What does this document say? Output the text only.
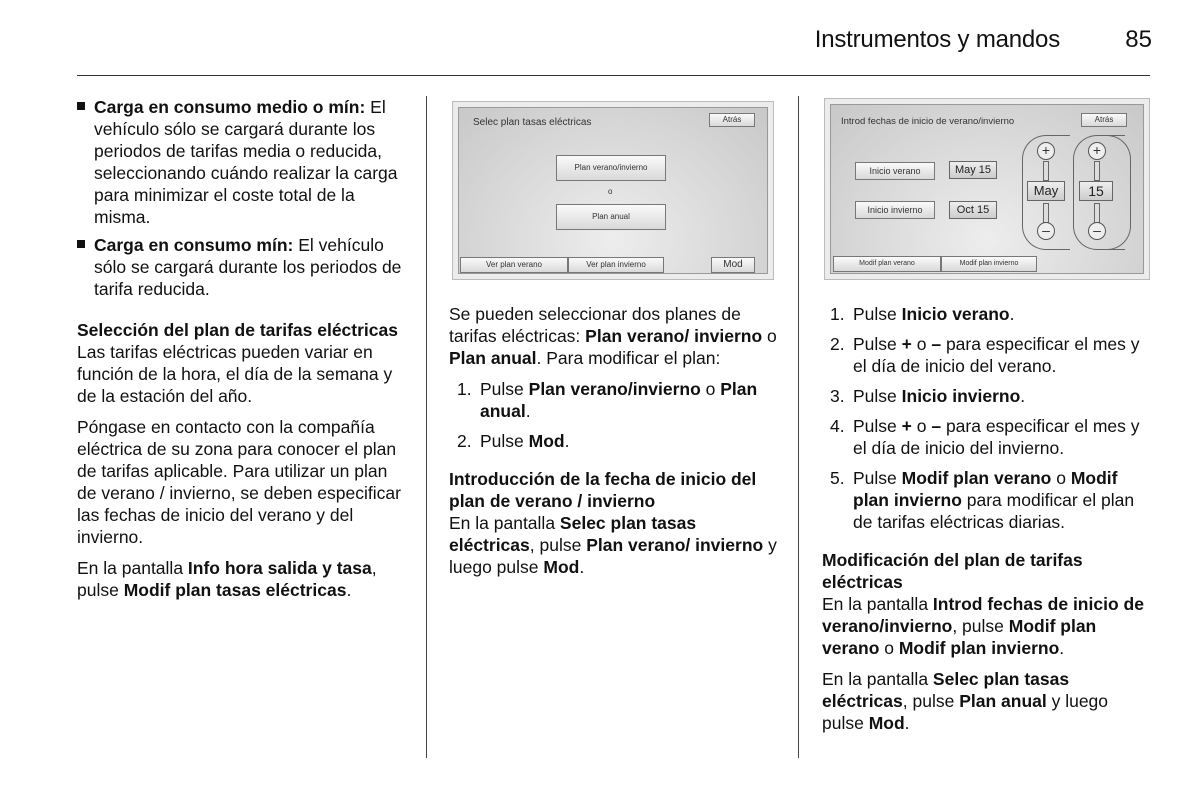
Instrumentos y mandos	85
Carga en consumo medio o mín: El vehículo sólo se cargará durante los periodos de tarifas media o reducida, seleccionando cuándo realizar la carga para minimizar el coste total de la misma.
Carga en consumo mín: El vehículo sólo se cargará durante los periodos de tarifa reducida.
Selección del plan de tarifas eléctricas

Las tarifas eléctricas pueden variar en función de la hora, el día de la semana y de la estación del año.

Póngase en contacto con la compañía eléctrica de su zona para conocer el plan de tarifas aplicable. Para utilizar un plan de verano / invierno, se deben especificar las fechas de inicio del verano y del invierno.

En la pantalla Info hora salida y tasa, pulse Modif plan tasas eléctricas.

Selec plan tasas eléctricas	Atrás
Plan verano/invierno
o
Plan anual
Ver plan verano	Ver plan invierno	Mod

Se pueden seleccionar dos planes de tarifas eléctricas: Plan verano/ invierno o Plan anual. Para modificar el plan:

1. Pulse Plan verano/invierno o Plan anual.
2. Pulse Mod.
Introducción de la fecha de inicio del plan de verano / invierno

En la pantalla Selec plan tasas eléctricas, pulse Plan verano/ invierno y luego pulse Mod.

Introd fechas de inicio de verano/invierno	Atrás
Inicio verano	May 15
Inicio invierno	Oct 15
+
May
–
+
15
–
Modif plan verano	Modif plan invierno
1. Pulse Inicio verano.
2. Pulse + o – para especificar el mes y el día de inicio del verano.
3. Pulse Inicio invierno.
4. Pulse + o – para especificar el mes y el día de inicio del invierno.
5. Pulse Modif plan verano o Modif plan invierno para modificar el plan de tarifas eléctricas diarias.
Modificación del plan de tarifas eléctricas

En la pantalla Introd fechas de inicio de verano/invierno, pulse Modif plan verano o Modif plan invierno.

En la pantalla Selec plan tasas eléctricas, pulse Plan anual y luego pulse Mod.
